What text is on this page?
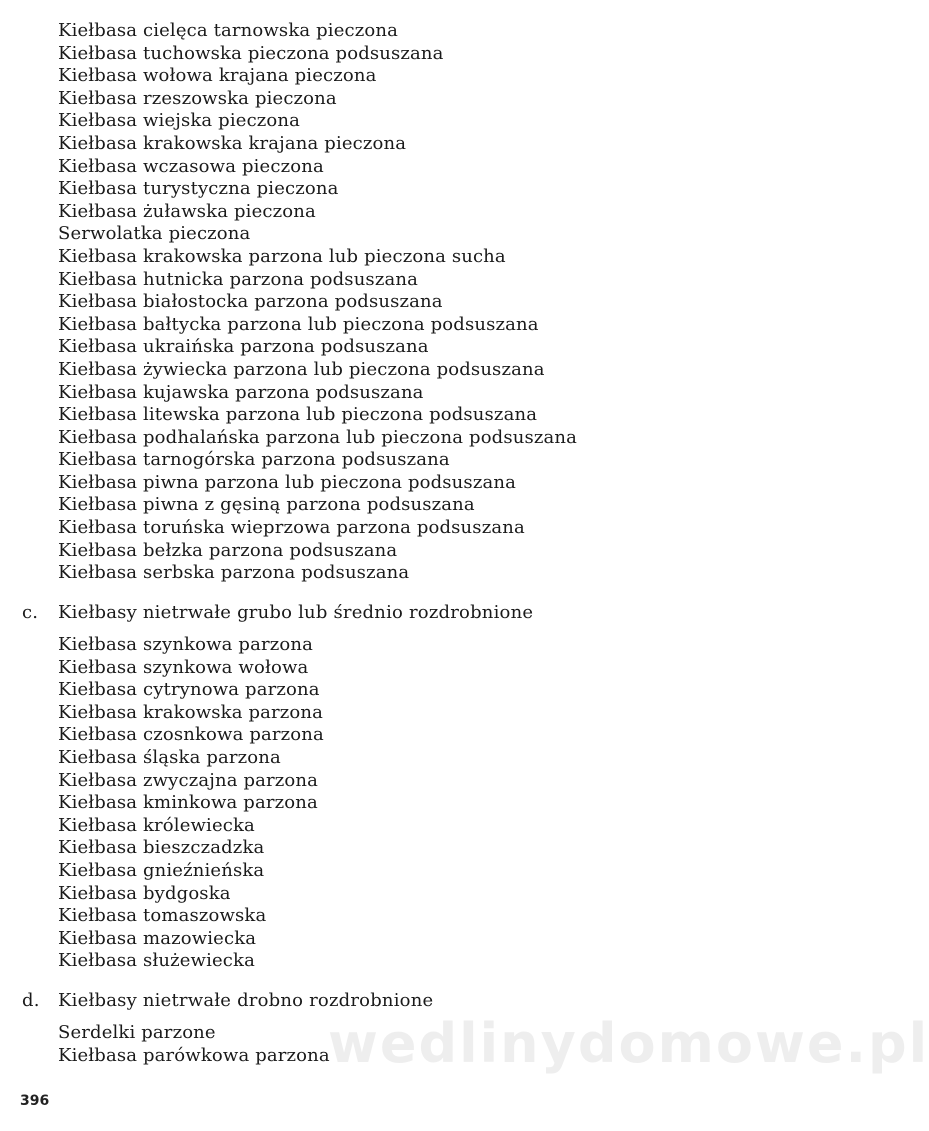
Kiełbasa cielęca tarnowska pieczona
Kiełbasa tuchowska pieczona podsuszana
Kiełbasa wołowa krajana pieczona
Kiełbasa rzeszowska pieczona
Kiełbasa wiejska pieczona
Kiełbasa krakowska krajana pieczona
Kiełbasa wczasowa pieczona
Kiełbasa turystyczna pieczona
Kiełbasa żuławska pieczona
Serwolatka pieczona
Kiełbasa krakowska parzona lub pieczona sucha
Kiełbasa hutnicka parzona podsuszana
Kiełbasa białostocka parzona podsuszana
Kiełbasa bałtycka parzona lub pieczona podsuszana
Kiełbasa ukraińska parzona podsuszana
Kiełbasa żywiecka parzona lub pieczona podsuszana
Kiełbasa kujawska parzona podsuszana
Kiełbasa litewska parzona lub pieczona podsuszana
Kiełbasa podhalańska parzona lub pieczona podsuszana
Kiełbasa tarnogórska parzona podsuszana
Kiełbasa piwna parzona lub pieczona podsuszana
Kiełbasa piwna z gęsiną parzona podsuszana
Kiełbasa toruńska wieprzowa parzona podsuszana
Kiełbasa bełzka parzona podsuszana
Kiełbasa serbska parzona podsuszana
c. Kiełbasy nietrwałe grubo lub średnio rozdrobnione
Kiełbasa szynkowa parzona
Kiełbasa szynkowa wołowa
Kiełbasa cytrynowa parzona
Kiełbasa krakowska parzona
Kiełbasa czosnkowa parzona
Kiełbasa śląska parzona
Kiełbasa zwyczajna parzona
Kiełbasa kminkowa parzona
Kiełbasa królewiecka
Kiełbasa bieszczadzka
Kiełbasa gnieźnieńska
Kiełbasa bydgoska
Kiełbasa tomaszowska
Kiełbasa mazowiecka
Kiełbasa służewiecka
d. Kiełbasy nietrwałe drobno rozdrobnione
Serdelki parzone
Kiełbasa parówkowa parzona
wedlinydomowe.pl
396
